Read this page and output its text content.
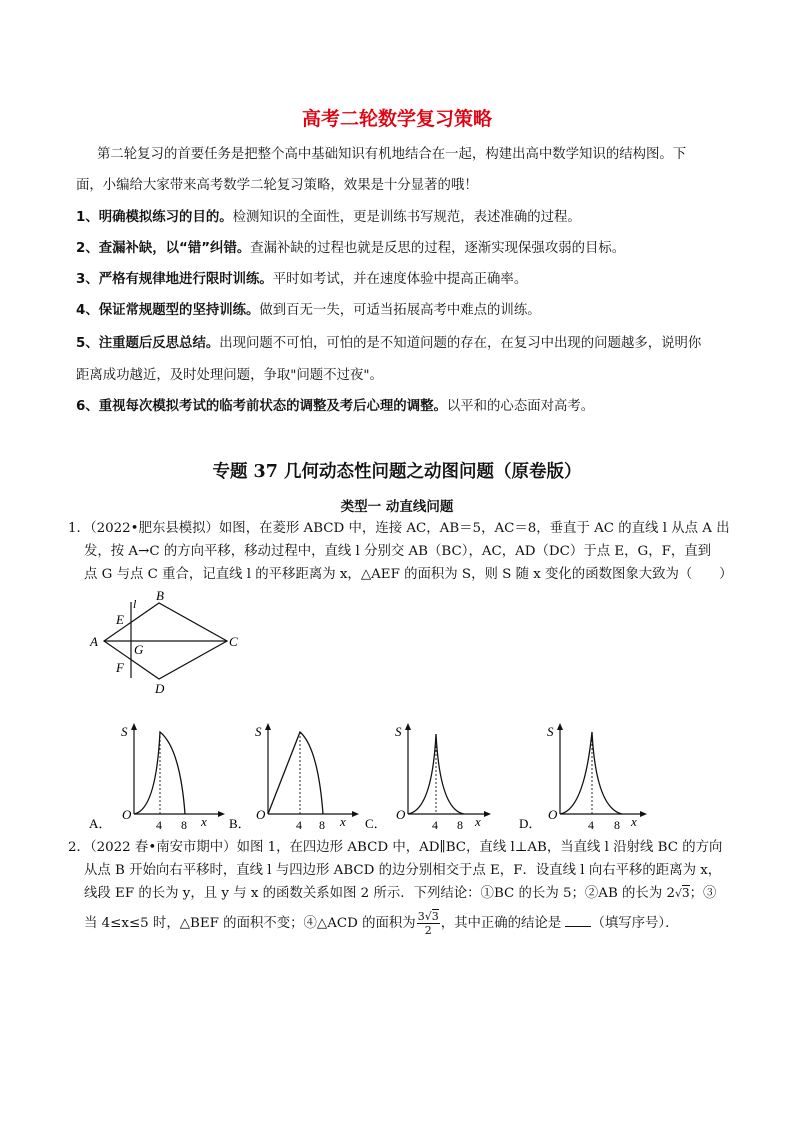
高考二轮数学复习策略
第二轮复习的首要任务是把整个高中基础知识有机地结合在一起，构建出高中数学知识的结构图。下
面，小编给大家带来高考数学二轮复习策略，效果是十分显著的哦！
1、明确模拟练习的目的。检测知识的全面性，更是训练书写规范，表述准确的过程。
2、查漏补缺，以“错”纠错。查漏补缺的过程也就是反思的过程，逐渐实现保强攻弱的目标。
3、严格有规律地进行限时训练。平时如考试，并在速度体验中提高正确率。
4、保证常规题型的坚持训练。做到百无一失，可适当拓展高考中难点的训练。
5、注重题后反思总结。出现问题不可怕，可怕的是不知道问题的存在，在复习中出现的问题越多，说明你
距离成功越近，及时处理问题，争取"问题不过夜"。
6、重视每次模拟考试的临考前状态的调整及考后心理的调整。以平和的心态面对高考。
专题 37 几何动态性问题之动图问题（原卷版）
类型一 动直线问题
1．（2022•肥东县模拟）如图，在菱形 ABCD 中，连接 AC，AB＝5，AC＝8，垂直于 AC 的直线 l 从点 A 出
发，按 A→C 的方向平移，移动过程中，直线 l 分别交 AB（BC），AC，AD（DC）于点 E，G，F，直到
点 G 与点 C 重合，记直线 l 的平移距离为 x，△AEF 的面积为 S，则 S 随 x 变化的函数图象大致为（　　）
l
B
E
A
G
C
F
D
S
O
4 8 x
A．
S
O
4 8 x
B．
S
O
4 8 x
C．
S
O
4 8 x
D．
2．（2022 春•南安市期中）如图 1，在四边形 ABCD 中，AD∥BC，直线 l⊥AB，当直线 l 沿射线 BC 的方向
从点 B 开始向右平移时，直线 l 与四边形 ABCD 的边分别相交于点 E，F．设直线 l 向右平移的距离为 x，
线段 EF 的长为 y，且 y 与 x 的函数关系如图 2 所示．下列结论：①BC 的长为 5；②AB 的长为 2√3；③
当 4≤x≤5 时，△BEF 的面积不变；④△ACD 的面积为 $\frac{3√3}{2}$ ，其中正确的结论是 （填写序号）．
